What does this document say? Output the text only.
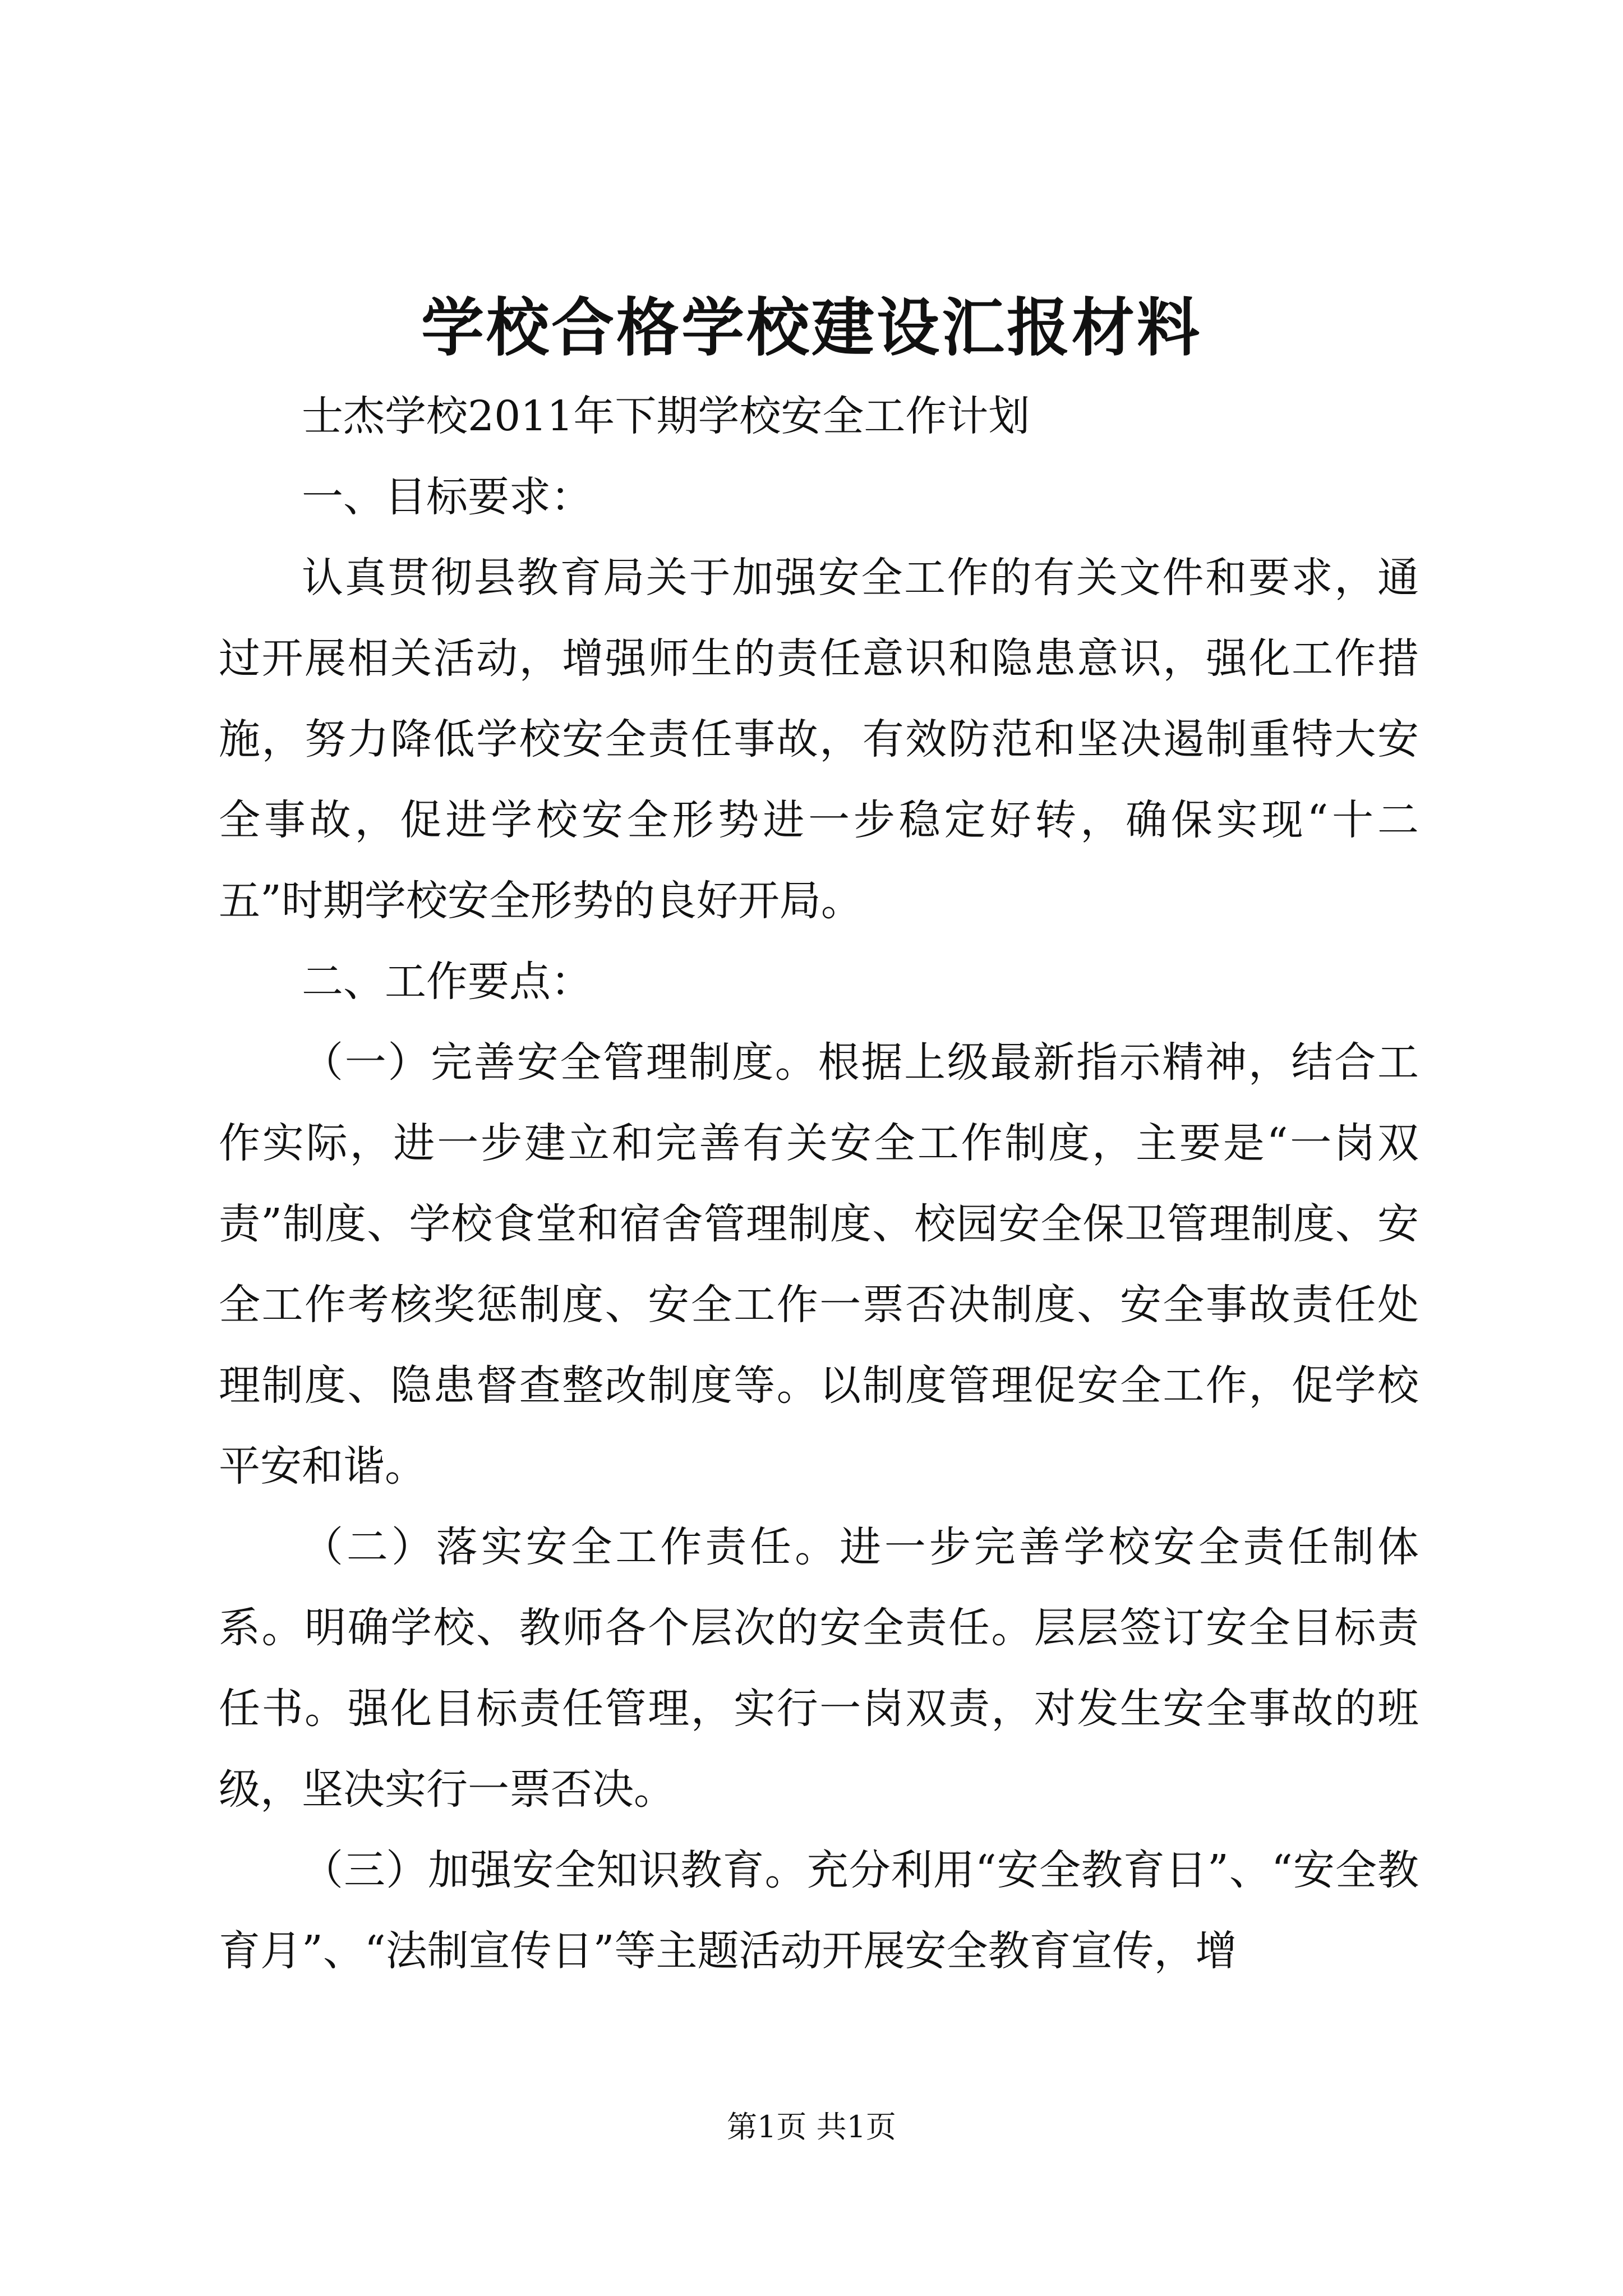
学校合格学校建设汇报材料

士杰学校2011年下期学校安全工作计划

一、目标要求：

认真贯彻县教育局关于加强安全工作的有关文件和要求，通过开展相关活动，增强师生的责任意识和隐患意识，强化工作措施，努力降低学校安全责任事故，有效防范和坚决遏制重特大安全事故，促进学校安全形势进一步稳定好转，确保实现“十二五”时期学校安全形势的良好开局。

二、工作要点：

（一）完善安全管理制度。根据上级最新指示精神，结合工作实际，进一步建立和完善有关安全工作制度，主要是“一岗双责”制度、学校食堂和宿舍管理制度、校园安全保卫管理制度、安全工作考核奖惩制度、安全工作一票否决制度、安全事故责任处理制度、隐患督查整改制度等。以制度管理促安全工作，促学校平安和谐。

（二）落实安全工作责任。进一步完善学校安全责任制体系。明确学校、教师各个层次的安全责任。层层签订安全目标责任书。强化目标责任管理，实行一岗双责，对发生安全事故的班级，坚决实行一票否决。

（三）加强安全知识教育。充分利用“安全教育日”、“安全教育月”、“法制宣传日”等主题活动开展安全教育宣传，增

第1页 共1页
